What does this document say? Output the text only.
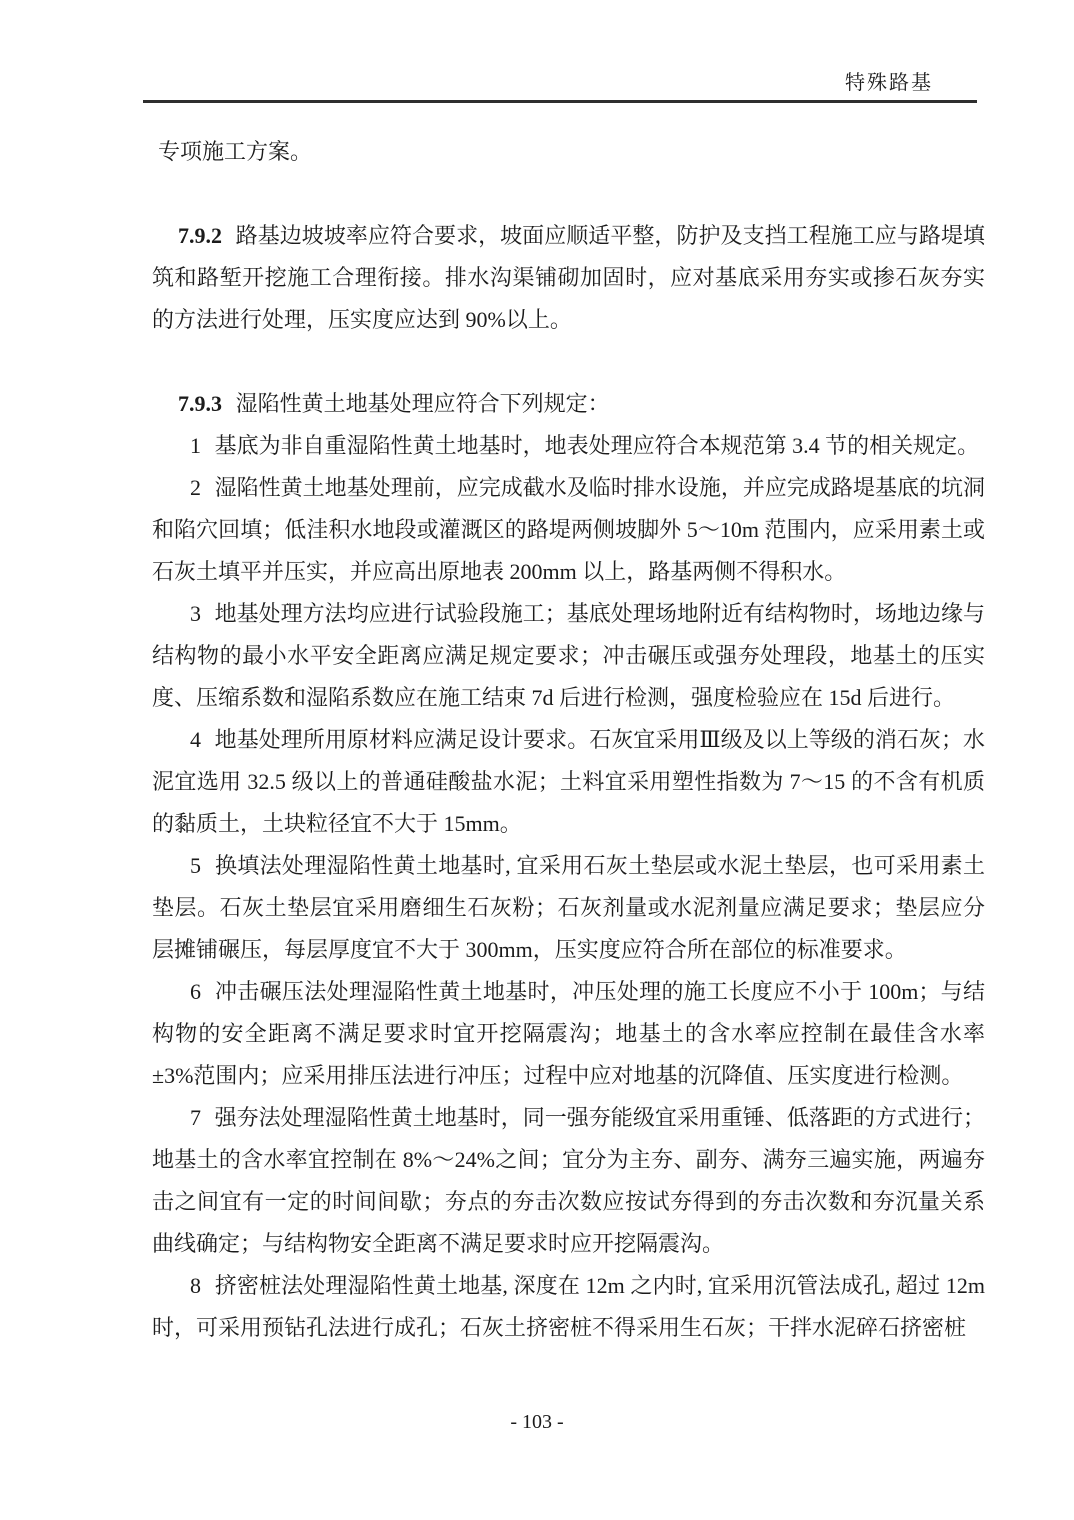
特殊路基

专项施工方案。

7.9.2 路基边坡坡率应符合要求，坡面应顺适平整，防护及支挡工程施工应与路堤填筑和路堑开挖施工合理衔接。排水沟渠铺砌加固时，应对基底采用夯实或掺石灰夯实的方法进行处理，压实度应达到 90%以上。

7.9.3 湿陷性黄土地基处理应符合下列规定：

1 基底为非自重湿陷性黄土地基时，地表处理应符合本规范第 3.4 节的相关规定。

2 湿陷性黄土地基处理前，应完成截水及临时排水设施，并应完成路堤基底的坑洞和陷穴回填；低洼积水地段或灌溉区的路堤两侧坡脚外 5～10m 范围内，应采用素土或石灰土填平并压实，并应高出原地表 200mm 以上，路基两侧不得积水。

3 地基处理方法均应进行试验段施工；基底处理场地附近有结构物时，场地边缘与结构物的最小水平安全距离应满足规定要求；冲击碾压或强夯处理段，地基土的压实度、压缩系数和湿陷系数应在施工结束 7d 后进行检测，强度检验应在 15d 后进行。

4 地基处理所用原材料应满足设计要求。石灰宜采用Ⅲ级及以上等级的消石灰；水泥宜选用 32.5 级以上的普通硅酸盐水泥；土料宜采用塑性指数为 7～15 的不含有机质的黏质土，土块粒径宜不大于 15mm。

5 换填法处理湿陷性黄土地基时, 宜采用石灰土垫层或水泥土垫层，也可采用素土垫层。石灰土垫层宜采用磨细生石灰粉；石灰剂量或水泥剂量应满足要求；垫层应分层摊铺碾压，每层厚度宜不大于 300mm，压实度应符合所在部位的标准要求。

6 冲击碾压法处理湿陷性黄土地基时，冲压处理的施工长度应不小于 100m；与结构物的安全距离不满足要求时宜开挖隔震沟；地基土的含水率应控制在最佳含水率±3%范围内；应采用排压法进行冲压；过程中应对地基的沉降值、压实度进行检测。

7 强夯法处理湿陷性黄土地基时，同一强夯能级宜采用重锤、低落距的方式进行；地基土的含水率宜控制在 8%～24%之间；宜分为主夯、副夯、满夯三遍实施，两遍夯击之间宜有一定的时间间歇；夯点的夯击次数应按试夯得到的夯击次数和夯沉量关系曲线确定；与结构物安全距离不满足要求时应开挖隔震沟。

8 挤密桩法处理湿陷性黄土地基, 深度在 12m 之内时, 宜采用沉管法成孔, 超过 12m 时，可采用预钻孔法进行成孔；石灰土挤密桩不得采用生石灰；干拌水泥碎石挤密桩

- 103 -
